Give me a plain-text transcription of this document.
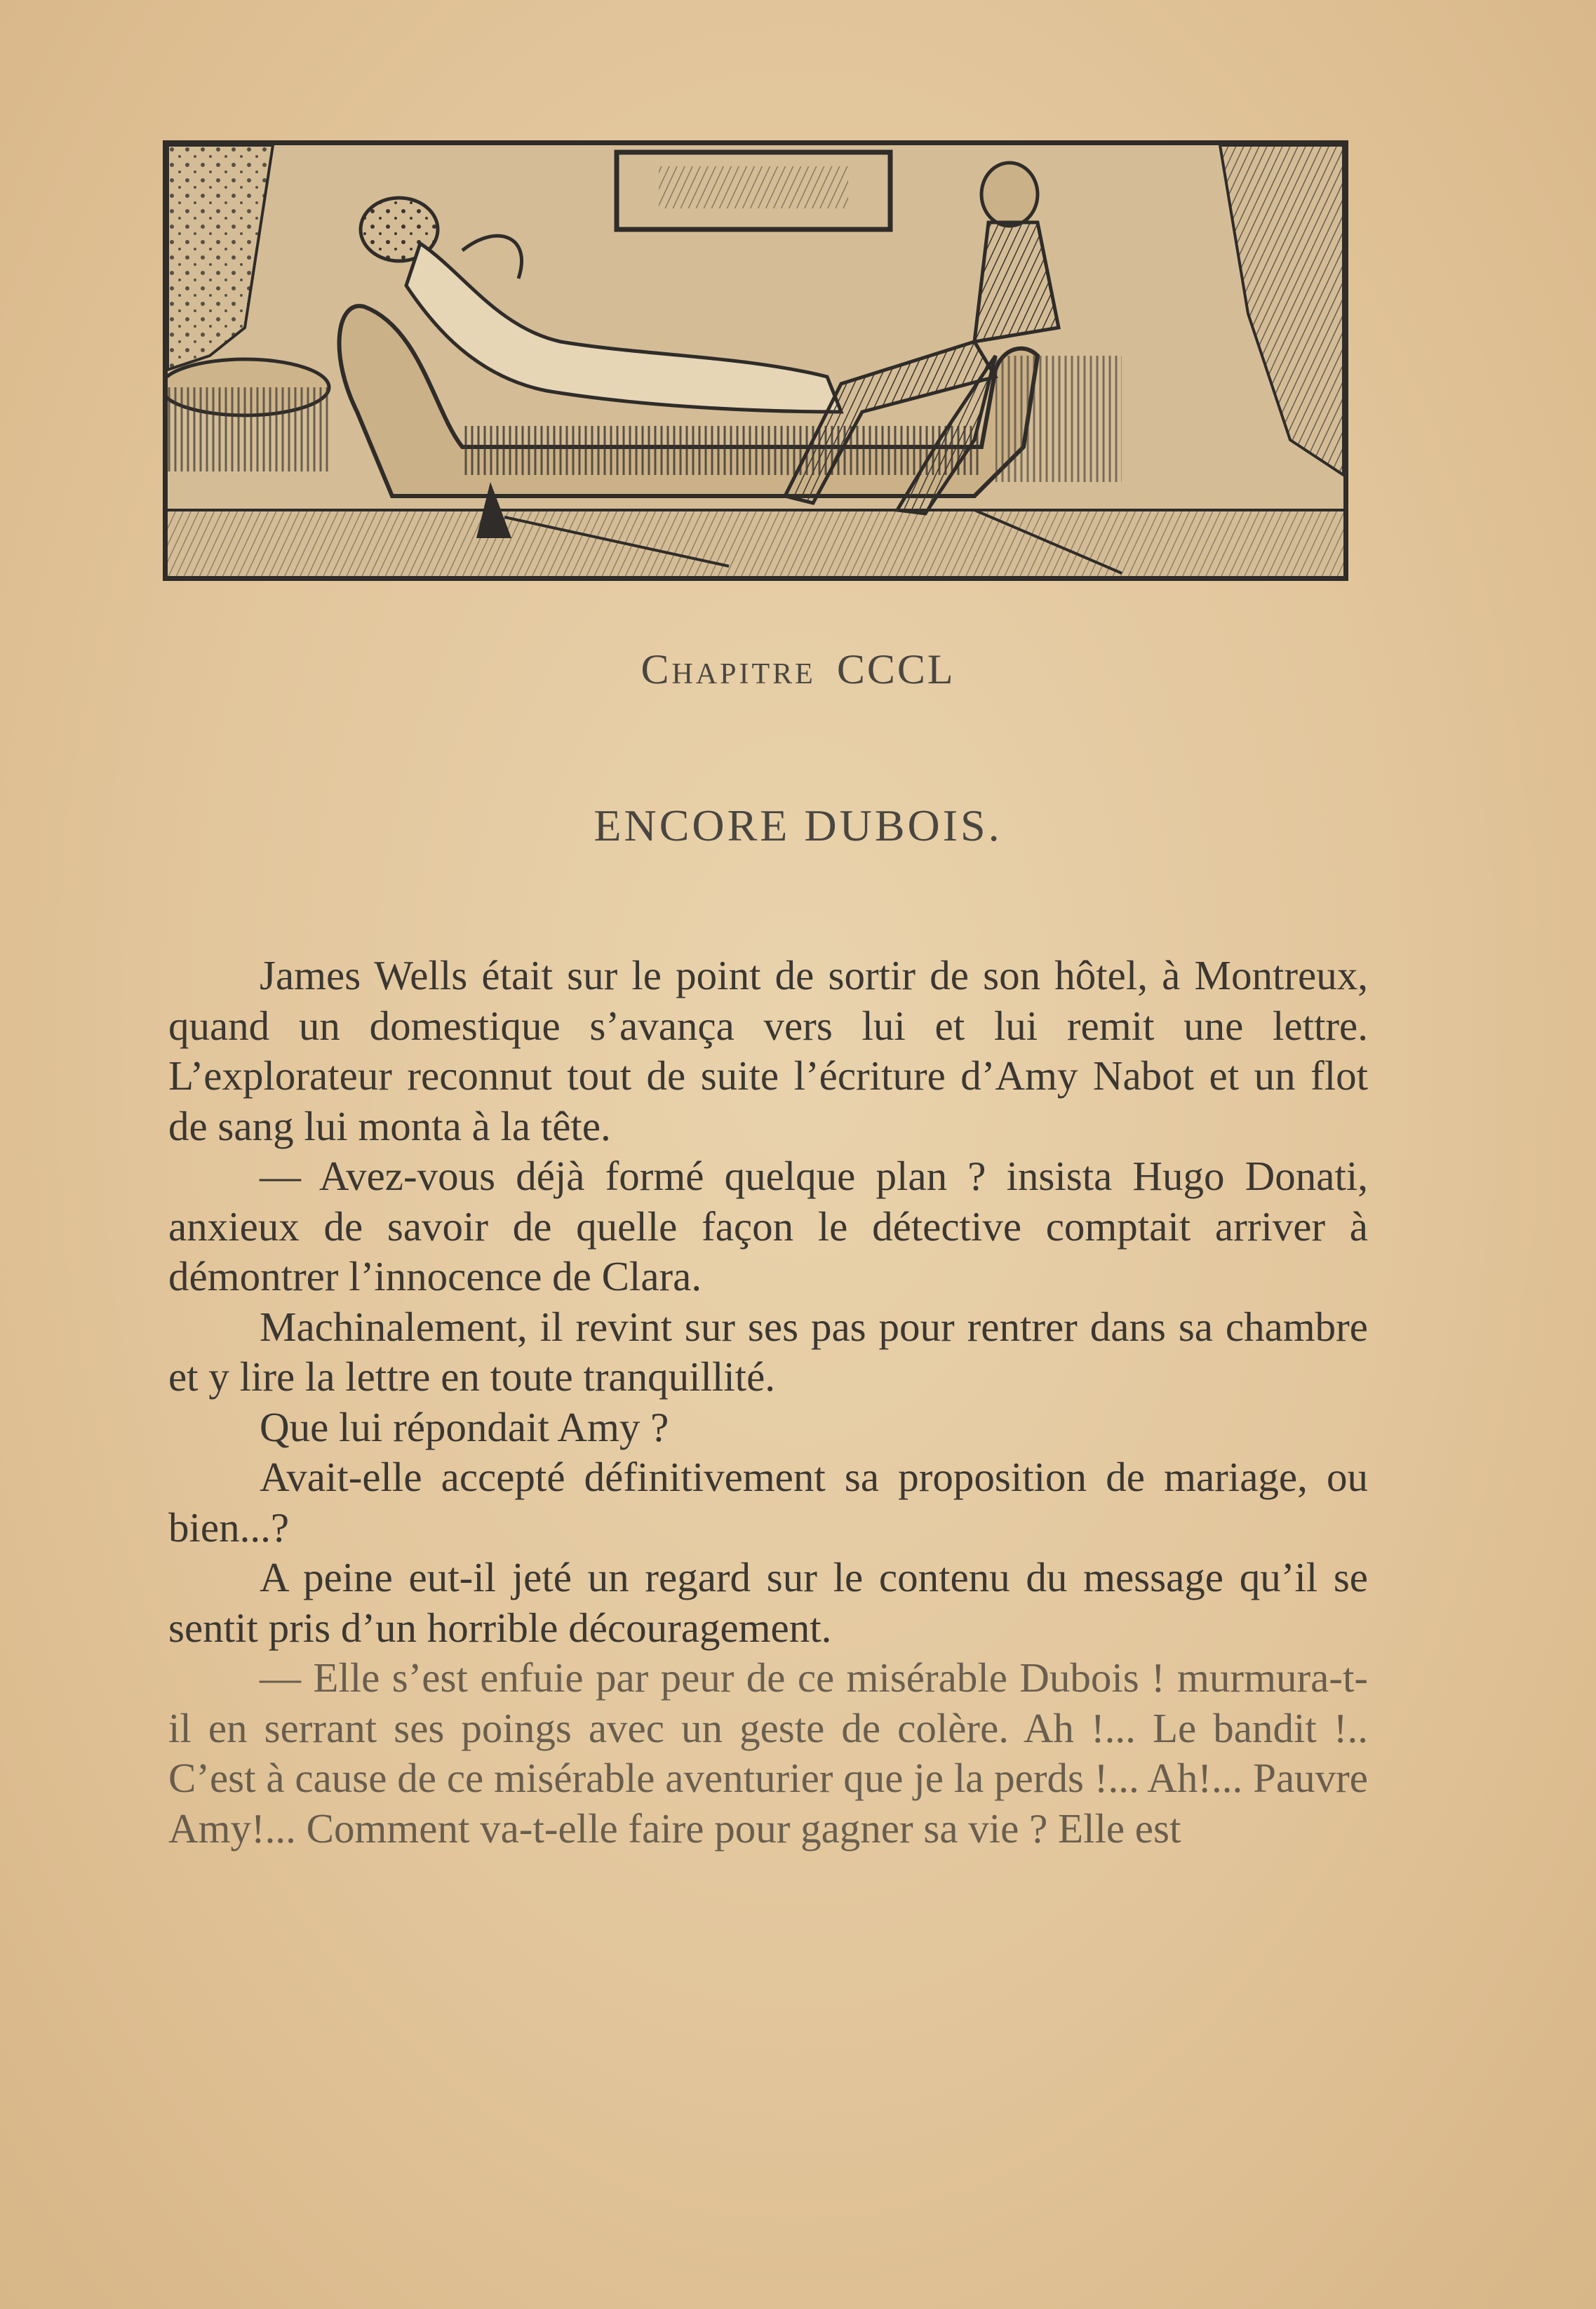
Chapitre CCCL
ENCORE DUBOIS.

James Wells était sur le point de sortir de son hôtel, à Montreux, quand un domestique s’avança vers lui et lui remit une lettre. L’explorateur reconnut tout de suite l’écriture d’Amy Nabot et un flot de sang lui monta à la tête.

— Avez-vous déjà formé quelque plan ? insista Hugo Donati, anxieux de savoir de quelle façon le détective comptait arriver à démontrer l’innocence de Clara.

Machinalement, il revint sur ses pas pour rentrer dans sa chambre et y lire la lettre en toute tranquillité.

Que lui répondait Amy ?

Avait-elle accepté définitivement sa proposition de mariage, ou bien...?

A peine eut-il jeté un regard sur le contenu du message qu’il se sentit pris d’un horrible découragement.

— Elle s’est enfuie par peur de ce misérable Dubois ! murmura-t-il en serrant ses poings avec un geste de colère. Ah !... Le bandit !.. C’est à cause de ce misérable aventurier que je la perds !... Ah!... Pauvre Amy!... Comment va-t-elle faire pour gagner sa vie ? Elle est
